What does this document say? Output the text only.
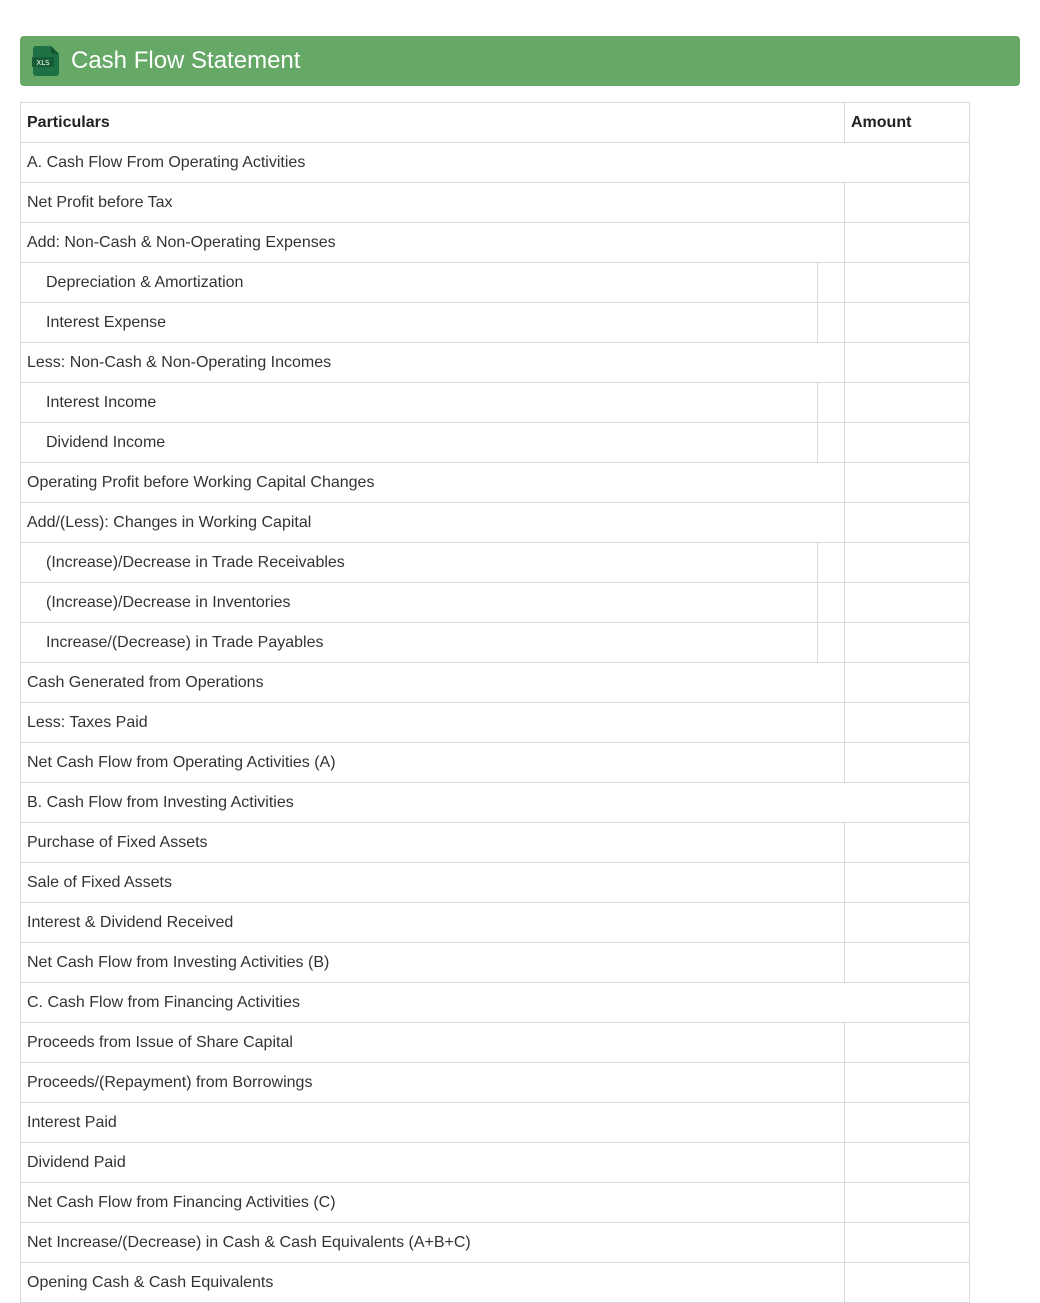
XLS Cash Flow Statement
Particulars		Amount
A. Cash Flow From Operating Activities		
Net Profit before Tax		
Add: Non-Cash & Non-Operating Expenses		
Depreciation & Amortization		
Interest Expense		
Less: Non-Cash & Non-Operating Incomes		
Interest Income		
Dividend Income		
Operating Profit before Working Capital Changes		
Add/(Less): Changes in Working Capital		
(Increase)/Decrease in Trade Receivables		
(Increase)/Decrease in Inventories		
Increase/(Decrease) in Trade Payables		
Cash Generated from Operations		
Less: Taxes Paid		
Net Cash Flow from Operating Activities (A)		
B. Cash Flow from Investing Activities		
Purchase of Fixed Assets		
Sale of Fixed Assets		
Interest & Dividend Received		
Net Cash Flow from Investing Activities (B)		
C. Cash Flow from Financing Activities		
Proceeds from Issue of Share Capital		
Proceeds/(Repayment) from Borrowings		
Interest Paid		
Dividend Paid		
Net Cash Flow from Financing Activities (C)		
Net Increase/(Decrease) in Cash & Cash Equivalents (A+B+C)		
Opening Cash & Cash Equivalents		
